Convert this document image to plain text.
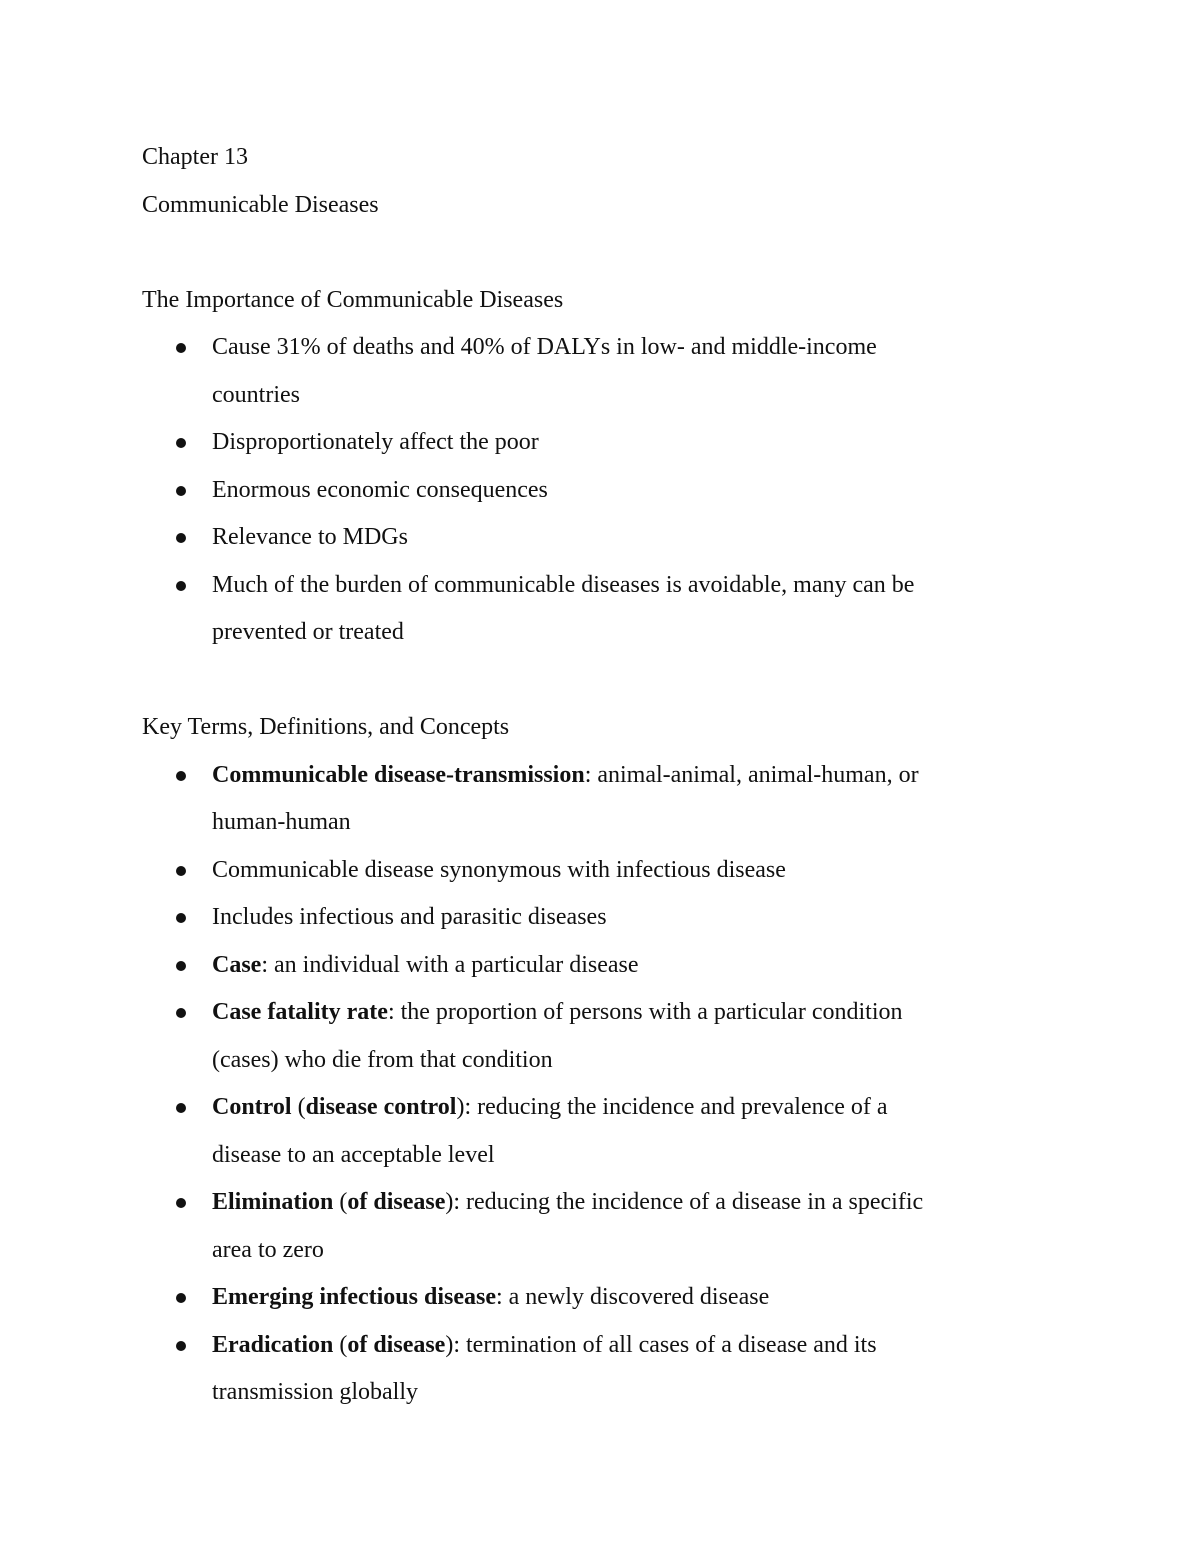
Chapter 13

Communicable Diseases

The Importance of Communicable Diseases

Cause 31% of deaths and 40% of DALYs in low- and middle-income
countries
Disproportionately affect the poor
Enormous economic consequences
Relevance to MDGs
Much of the burden of communicable diseases is avoidable, many can be
prevented or treated

Key Terms, Definitions, and Concepts

Communicable disease-transmission: animal-animal, animal-human, or
human-human
Communicable disease synonymous with infectious disease
Includes infectious and parasitic diseases
Case: an individual with a particular disease
Case fatality rate: the proportion of persons with a particular condition
(cases) who die from that condition
Control (disease control): reducing the incidence and prevalence of a
disease to an acceptable level
Elimination (of disease): reducing the incidence of a disease in a specific
area to zero
Emerging infectious disease: a newly discovered disease
Eradication (of disease): termination of all cases of a disease and its
transmission globally
